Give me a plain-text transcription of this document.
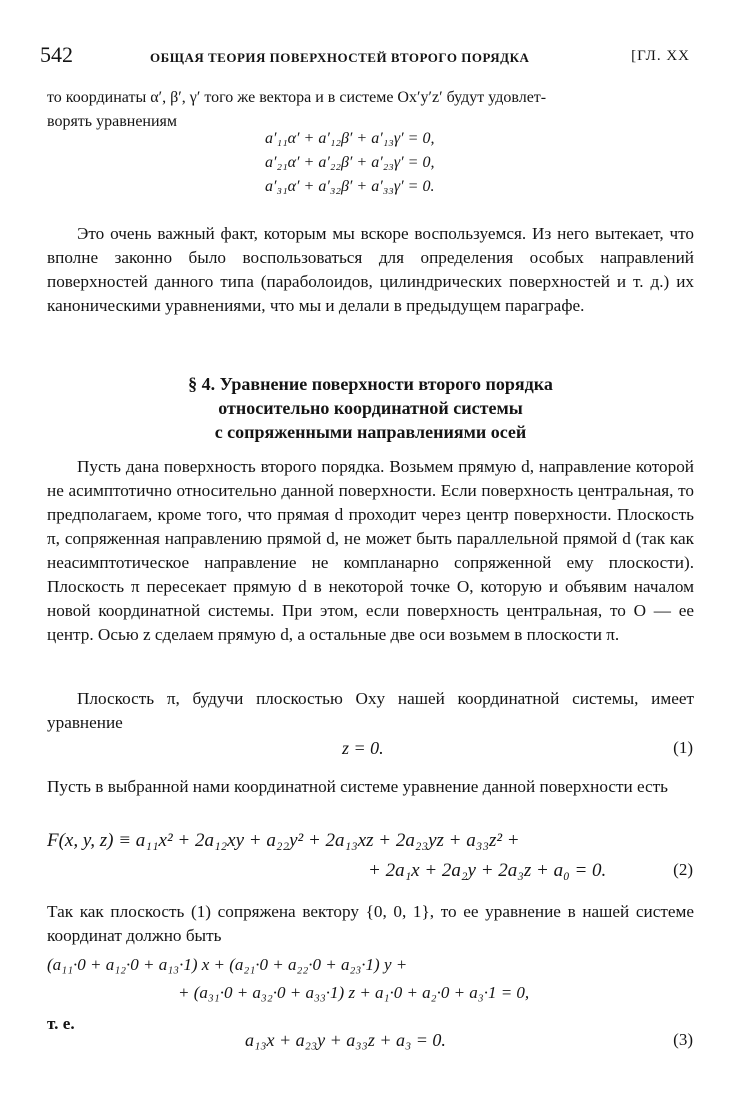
542	ОБЩАЯ ТЕОРИЯ ПОВЕРХНОСТЕЙ ВТОРОГО ПОРЯДКА	[ГЛ. XX
то координаты α′, β′, γ′ того же вектора и в системе Ox′y′z′ будут удовлет-
ворять уравнениям
a′₁₁α′ + a′₁₂β′ + a′₁₃γ′ = 0,
a′₂₁α′ + a′₂₂β′ + a′₂₃γ′ = 0,
a′₃₁α′ + a′₃₂β′ + a′₃₃γ′ = 0.
Это очень важный факт, которым мы вскоре воспользуемся. Из него вытекает, что вполне законно было воспользоваться для определения особых направлений поверхностей данного типа (параболоидов, цилиндрических поверхностей и т. д.) их каноническими уравнениями, что мы и делали в предыдущем параграфе.
§ 4. Уравнение поверхности второго порядка
относительно координатной системы
с сопряженными направлениями осей
Пусть дана поверхность второго порядка. Возьмем прямую d, направление которой не асимптотично относительно данной поверхности. Если поверхность центральная, то предполагаем, кроме того, что прямая d проходит через центр поверхности. Плоскость π, сопряженная направлению прямой d, не может быть параллельной прямой d (так как неасимптотическое направление не компланарно сопряженной ему плоскости). Плоскость π пересекает прямую d в некоторой точке O, которую и объявим началом новой координатной системы. При этом, если поверхность центральная, то O — ее центр. Осью z сделаем прямую d, а остальные две оси возьмем в плоскости π.
Плоскость π, будучи плоскостью Oxy нашей координатной системы, имеет уравнение
z = 0.	(1)
Пусть в выбранной нами координатной системе уравнение данной поверхности есть
F(x, y, z) ≡ a₁₁x² + 2a₁₂xy + a₂₂y² + 2a₁₃xz + 2a₂₃yz + a₃₃z² +
+ 2a₁x + 2a₂y + 2a₃z + a₀ = 0.	(2)
Так как плоскость (1) сопряжена вектору {0, 0, 1}, то ее уравнение в нашей системе координат должно быть
(a₁₁·0 + a₁₂·0 + a₁₃·1) x + (a₂₁·0 + a₂₂·0 + a₂₃·1) y +
+ (a₃₁·0 + a₃₂·0 + a₃₃·1) z + a₁·0 + a₂·0 + a₃·1 = 0,
т. е.
a₁₃x + a₂₃y + a₃₃z + a₃ = 0.	(3)
